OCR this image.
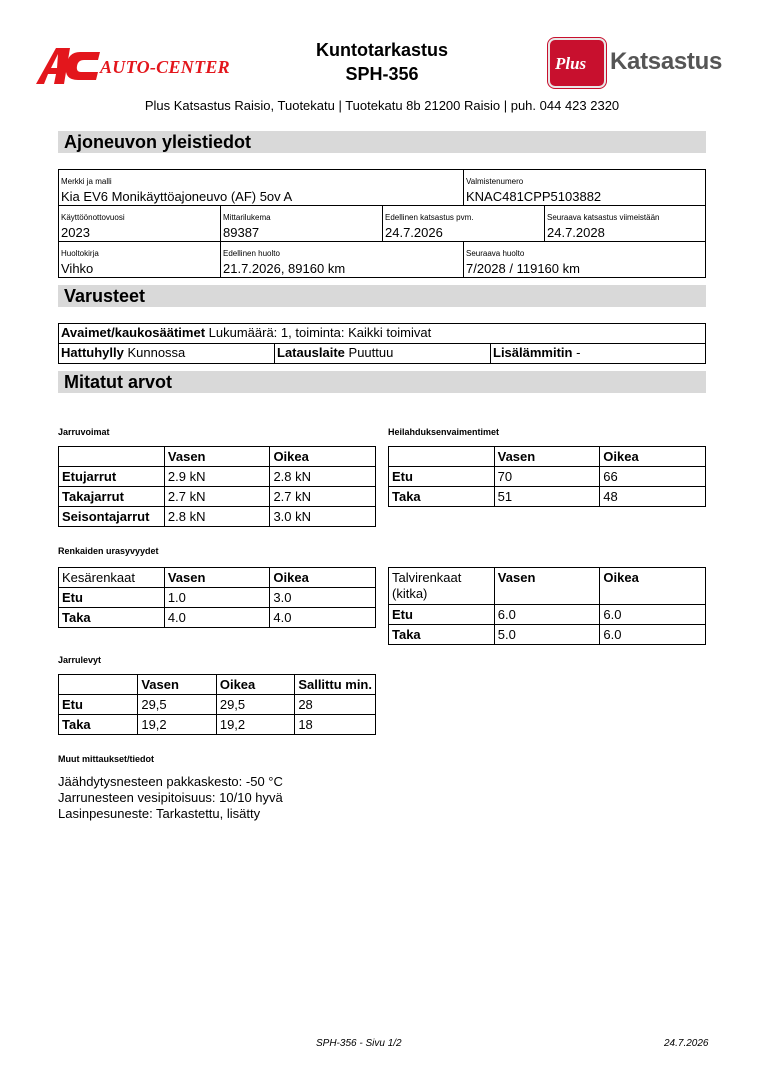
AUTO-CENTER
Kuntotarkastus
SPH-356
Plus Katsastus
Plus Katsastus Raisio, Tuotekatu | Tuotekatu 8b 21200 Raisio | puh. 044 423 2320
Ajoneuvon yleistiedot
Merkki ja malli
Kia EV6 Monikäyttöajoneuvo (AF) 5ov A
Valmistenumero
KNAC481CPP5103882
Käyttöönottovuosi
2023
Mittarilukema
89387
Edellinen katsastus pvm.
24.7.2026
Seuraava katsastus viimeistään
24.7.2028
Huoltokirja
Vihko
Edellinen huolto
21.7.2026, 89160 km
Seuraava huolto
7/2028 / 119160 km
Varusteet
Avaimet/kaukosäätimet Lukumäärä: 1, toiminta: Kaikki toimivat
Hattuhylly Kunnossa	Latauslaite Puuttuu	Lisälämmitin -
Mitatut arvot
Jarruvoimat
	Vasen	Oikea
Etujarrut	2.9 kN	2.8 kN
Takajarrut	2.7 kN	2.7 kN
Seisontajarrut	2.8 kN	3.0 kN
Heilahduksenvaimentimet
	Vasen	Oikea
Etu	70	66
Taka	51	48
Renkaiden urasyvyydet
Kesärenkaat	Vasen	Oikea
Etu	1.0	3.0
Taka	4.0	4.0
Talvirenkaat (kitka)	Vasen	Oikea
Etu	6.0	6.0
Taka	5.0	6.0
Jarrulevyt
	Vasen	Oikea	Sallittu min.
Etu	29,5	29,5	28
Taka	19,2	19,2	18
Muut mittaukset/tiedot
Jäähdytysnesteen pakkaskesto: -50 °C
Jarrunesteen vesipitoisuus: 10/10 hyvä
Lasinpesuneste: Tarkastettu, lisätty
SPH-356 - Sivu 1/2	24.7.2026
